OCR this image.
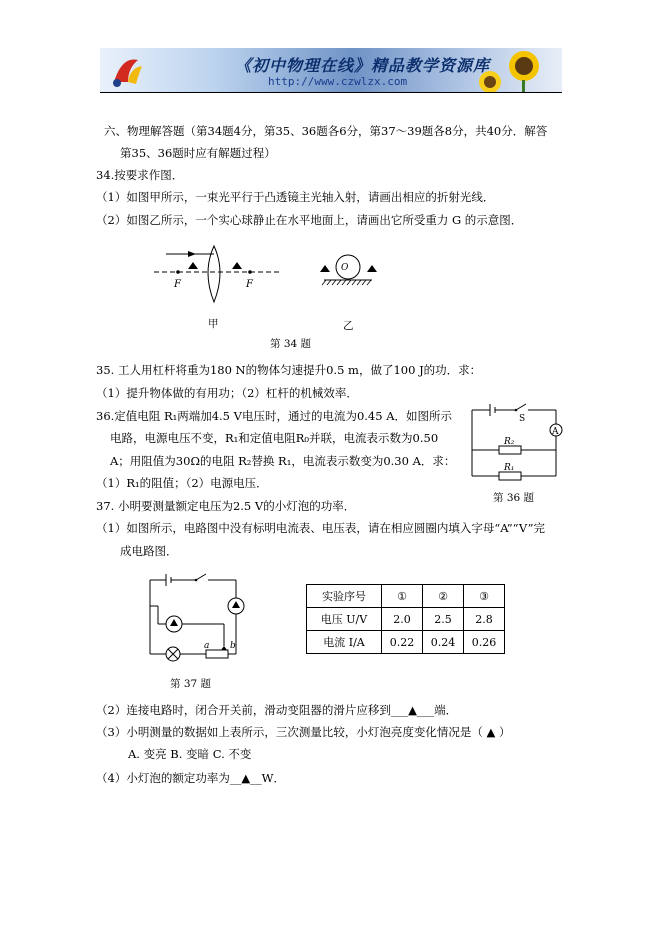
《初中物理在线》精品教学资源库
http://www.czwlzx.com
六、物理解答题（第34题4分，第35、36题各6分，第37～39题各8分，共40分．解答
第35、36题时应有解题过程）
34.按要求作图．
（1）如图甲所示，一束光平行于凸透镜主光轴入射，请画出相应的折射光线．
（2）如图乙所示，一个实心球静止在水平地面上，请画出它所受重力 G 的示意图．
F	F
甲
O
乙
第 34 题
35. 工人用杠杆将重为180 N的物体匀速提升0.5 m，做了100 J的功．求：
（1）提升物体做的有用功；（2）杠杆的机械效率．
36.定值电阻 R₁两端加4.5 V电压时，通过的电流为0.45 A．如图所示
电路，电源电压不变，R₁和定值电阻R₀并联，电流表示数为0.50
A；用阻值为30Ω的电阻 R₂替换 R₁，电流表示数变为0.30 A．求：
（1）R₁的阻值；（2）电源电压．
S
A
R₂
R₁
第 36 题
37. 小明要测量额定电压为2.5 V的小灯泡的功率．
（1）如图所示，电路图中没有标明电流表、电压表，请在相应圆圈内填入字母“A”“V”完
成电路图．
a b
第 37 题
实验序号	①	②	③
电压 U/V	2.0	2.5	2.8
电流 I/A	0.22	0.24	0.26
（2）连接电路时，闭合开关前，滑动变阻器的滑片应移到___▲___端．
（3）小明测量的数据如上表所示，三次测量比较，小灯泡亮度变化情况是（ ▲ ）
A. 变亮 B. 变暗 C. 不变
（4）小灯泡的额定功率为__▲__W．
